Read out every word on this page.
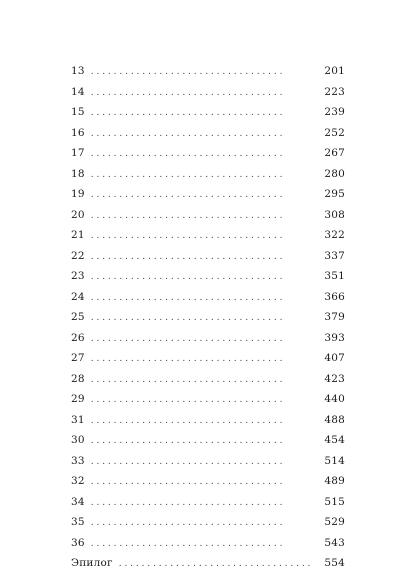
13 . . . . . . . . . . . . . . . . . . . . . . . . . . . . . . . . . .	201
14 . . . . . . . . . . . . . . . . . . . . . . . . . . . . . . . . . .	223
15 . . . . . . . . . . . . . . . . . . . . . . . . . . . . . . . . . .	239
16 . . . . . . . . . . . . . . . . . . . . . . . . . . . . . . . . . .	252
17 . . . . . . . . . . . . . . . . . . . . . . . . . . . . . . . . . .	267
18 . . . . . . . . . . . . . . . . . . . . . . . . . . . . . . . . . .	280
19 . . . . . . . . . . . . . . . . . . . . . . . . . . . . . . . . . .	295
20 . . . . . . . . . . . . . . . . . . . . . . . . . . . . . . . . . .	308
21 . . . . . . . . . . . . . . . . . . . . . . . . . . . . . . . . . .	322
22 . . . . . . . . . . . . . . . . . . . . . . . . . . . . . . . . . .	337
23 . . . . . . . . . . . . . . . . . . . . . . . . . . . . . . . . . .	351
24 . . . . . . . . . . . . . . . . . . . . . . . . . . . . . . . . . .	366
25 . . . . . . . . . . . . . . . . . . . . . . . . . . . . . . . . . .	379
26 . . . . . . . . . . . . . . . . . . . . . . . . . . . . . . . . . .	393
27 . . . . . . . . . . . . . . . . . . . . . . . . . . . . . . . . . .	407
28 . . . . . . . . . . . . . . . . . . . . . . . . . . . . . . . . . .	423
29 . . . . . . . . . . . . . . . . . . . . . . . . . . . . . . . . . .	440
31 . . . . . . . . . . . . . . . . . . . . . . . . . . . . . . . . . .	488
30 . . . . . . . . . . . . . . . . . . . . . . . . . . . . . . . . . .	454
33 . . . . . . . . . . . . . . . . . . . . . . . . . . . . . . . . . .	514
32 . . . . . . . . . . . . . . . . . . . . . . . . . . . . . . . . . .	489
34 . . . . . . . . . . . . . . . . . . . . . . . . . . . . . . . . . .	515
35 . . . . . . . . . . . . . . . . . . . . . . . . . . . . . . . . . .	529
36 . . . . . . . . . . . . . . . . . . . . . . . . . . . . . . . . . .	543
Эпилог . . . . . . . . . . . . . . . . . . . . . . . . . . . . . . . . . .	554
